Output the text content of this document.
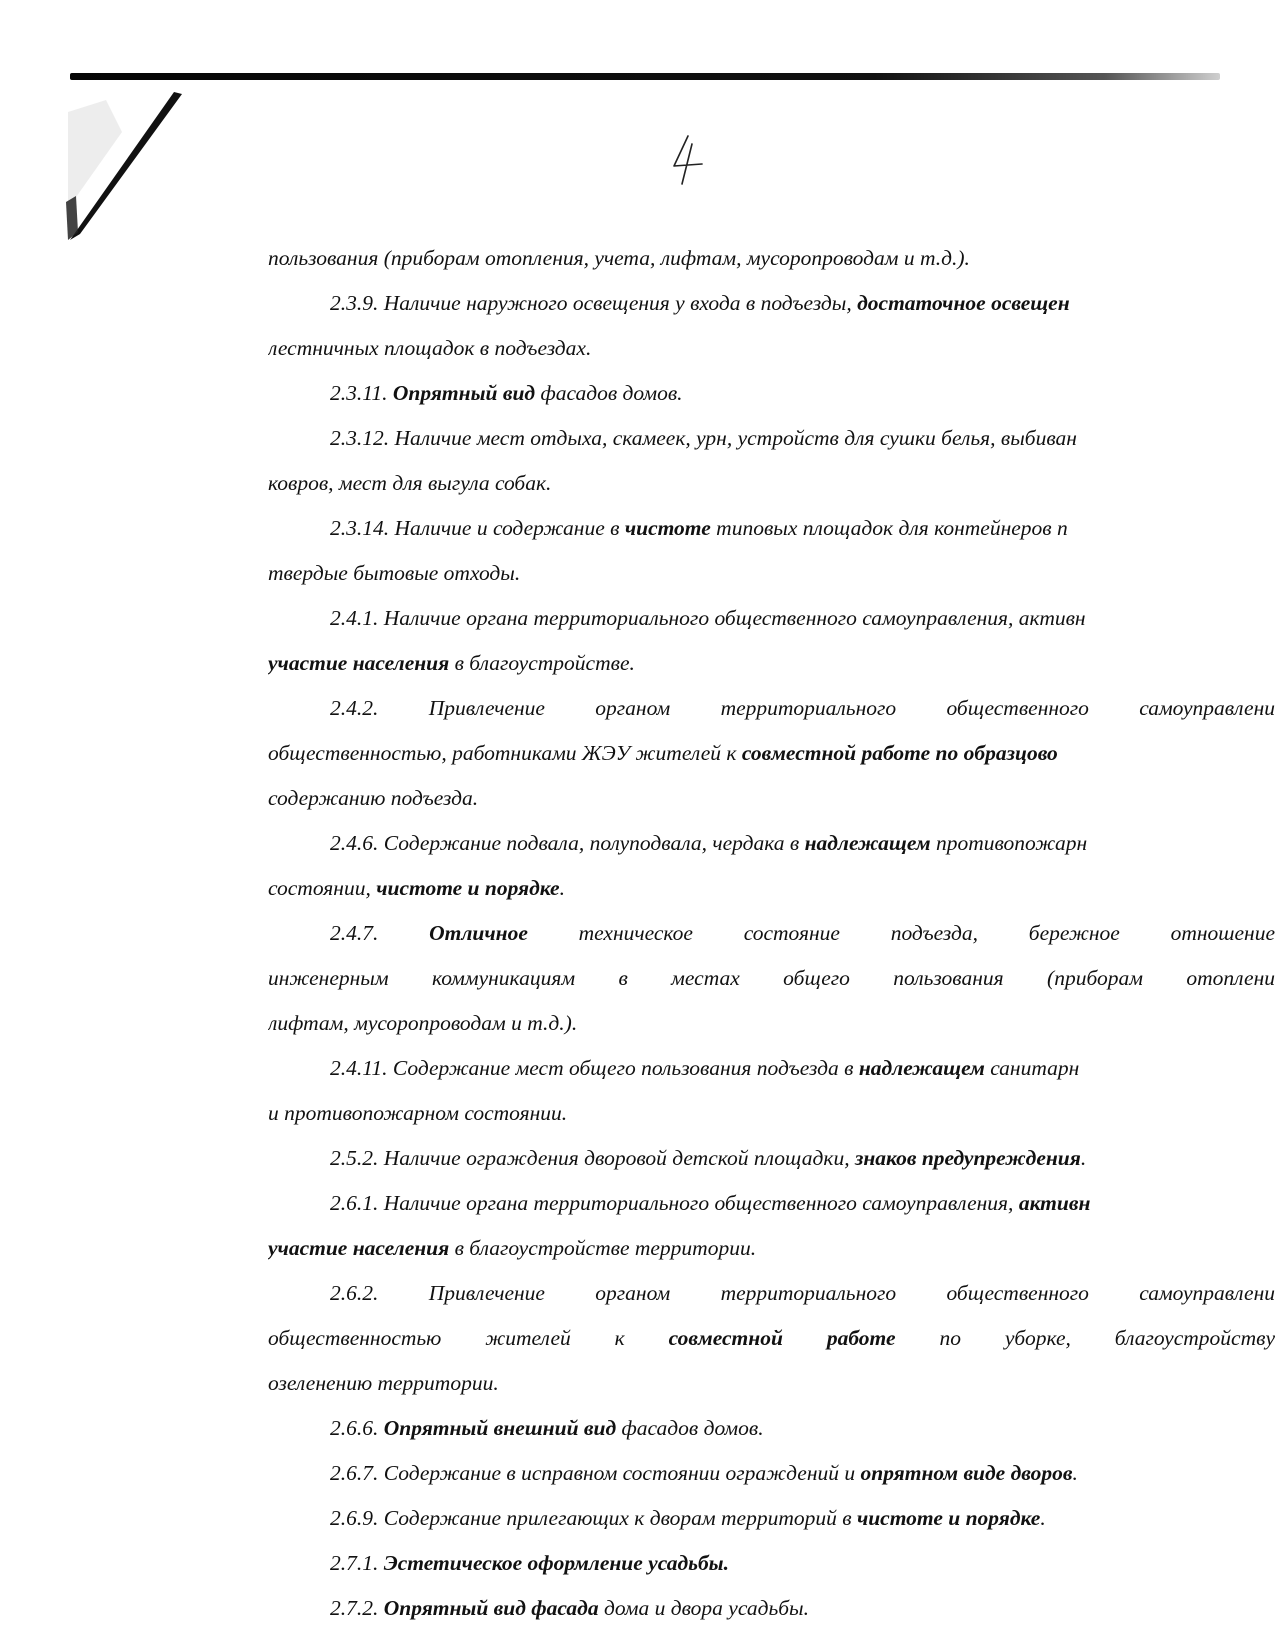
пользования (приборам отопления, учета, лифтам, мусоропроводам и т.д.).
2.3.9. Наличие наружного освещения у входа в подъезды, достаточное освещен
лестничных площадок в подъездах.
2.3.11. Опрятный вид фасадов домов.
2.3.12. Наличие мест отдыха, скамеек, урн, устройств для сушки белья, выбиван
ковров, мест для выгула собак.
2.3.14. Наличие и содержание в чистоте типовых площадок для контейнеров п
твердые бытовые отходы.
2.4.1. Наличие органа территориального общественного самоуправления, активн
участие населения в благоустройстве.
2.4.2. Привлечение органом территориального общественного самоуправлени
общественностью, работниками ЖЭУ жителей к совместной работе по образцово
содержанию подъезда.
2.4.6. Содержание подвала, полуподвала, чердака в надлежащем противопожарн
состоянии, чистоте и порядке.
2.4.7. Отличное техническое состояние подъезда, бережное отношение
инженерным коммуникациям в местах общего пользования (приборам отоплени
лифтам, мусоропроводам и т.д.).
2.4.11. Содержание мест общего пользования подъезда в надлежащем санитарн
и противопожарном состоянии.
2.5.2. Наличие ограждения дворовой детской площадки, знаков предупреждения.
2.6.1. Наличие органа территориального общественного самоуправления, активн
участие населения в благоустройстве территории.
2.6.2. Привлечение органом территориального общественного самоуправлени
общественностью жителей к совместной работе по уборке, благоустройству
озеленению территории.
2.6.6. Опрятный внешний вид фасадов домов.
2.6.7. Содержание в исправном состоянии ограждений и опрятном виде дворов.
2.6.9. Содержание прилегающих к дворам территорий в чистоте и порядке.
2.7.1. Эстетическое оформление усадьбы.
2.7.2. Опрятный вид фасада дома и двора усадьбы.
